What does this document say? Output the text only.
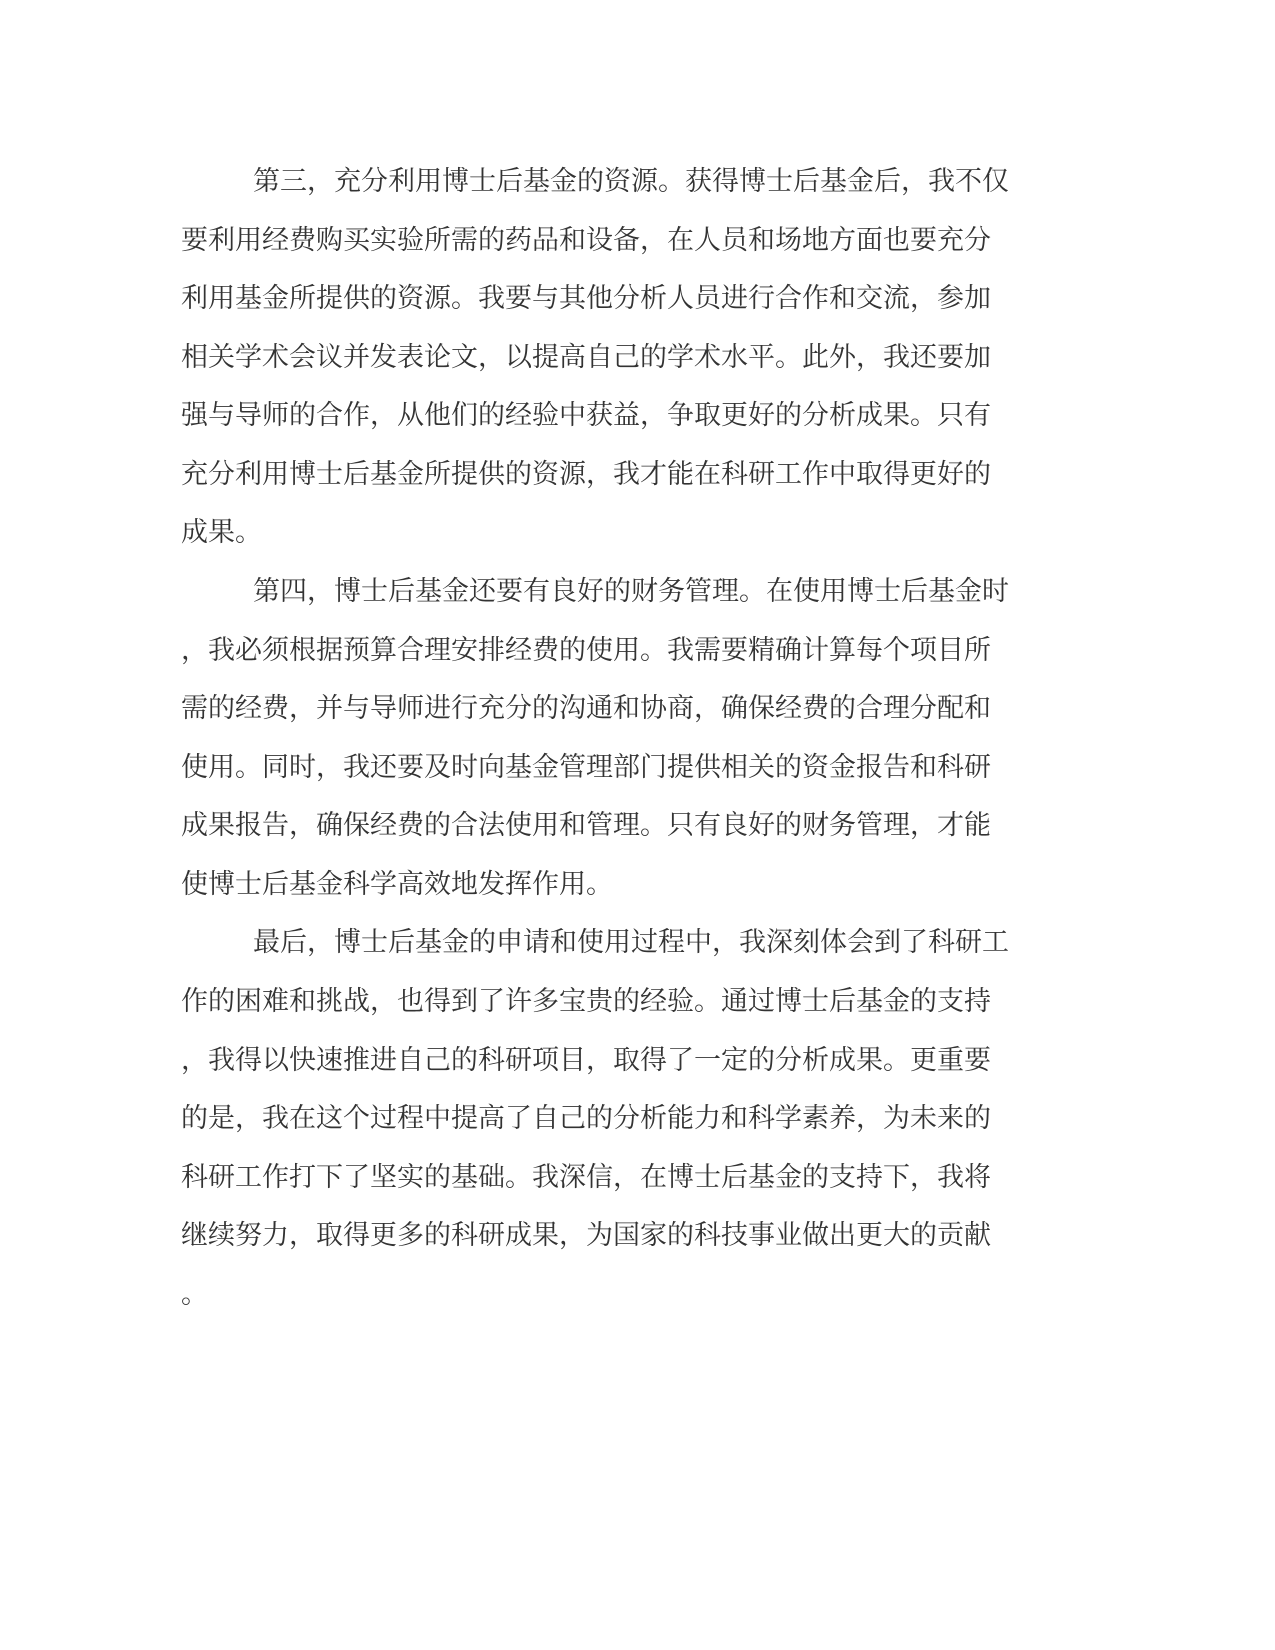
第三，充分利用博士后基金的资源。获得博士后基金后，我不仅
要利用经费购买实验所需的药品和设备，在人员和场地方面也要充分
利用基金所提供的资源。我要与其他分析人员进行合作和交流，参加
相关学术会议并发表论文，以提高自己的学术水平。此外，我还要加
强与导师的合作，从他们的经验中获益，争取更好的分析成果。只有
充分利用博士后基金所提供的资源，我才能在科研工作中取得更好的
成果。
第四，博士后基金还要有良好的财务管理。在使用博士后基金时
，我必须根据预算合理安排经费的使用。我需要精确计算每个项目所
需的经费，并与导师进行充分的沟通和协商，确保经费的合理分配和
使用。同时，我还要及时向基金管理部门提供相关的资金报告和科研
成果报告，确保经费的合法使用和管理。只有良好的财务管理，才能
使博士后基金科学高效地发挥作用。
最后，博士后基金的申请和使用过程中，我深刻体会到了科研工
作的困难和挑战，也得到了许多宝贵的经验。通过博士后基金的支持
，我得以快速推进自己的科研项目，取得了一定的分析成果。更重要
的是，我在这个过程中提高了自己的分析能力和科学素养，为未来的
科研工作打下了坚实的基础。我深信，在博士后基金的支持下，我将
继续努力，取得更多的科研成果，为国家的科技事业做出更大的贡献
。
